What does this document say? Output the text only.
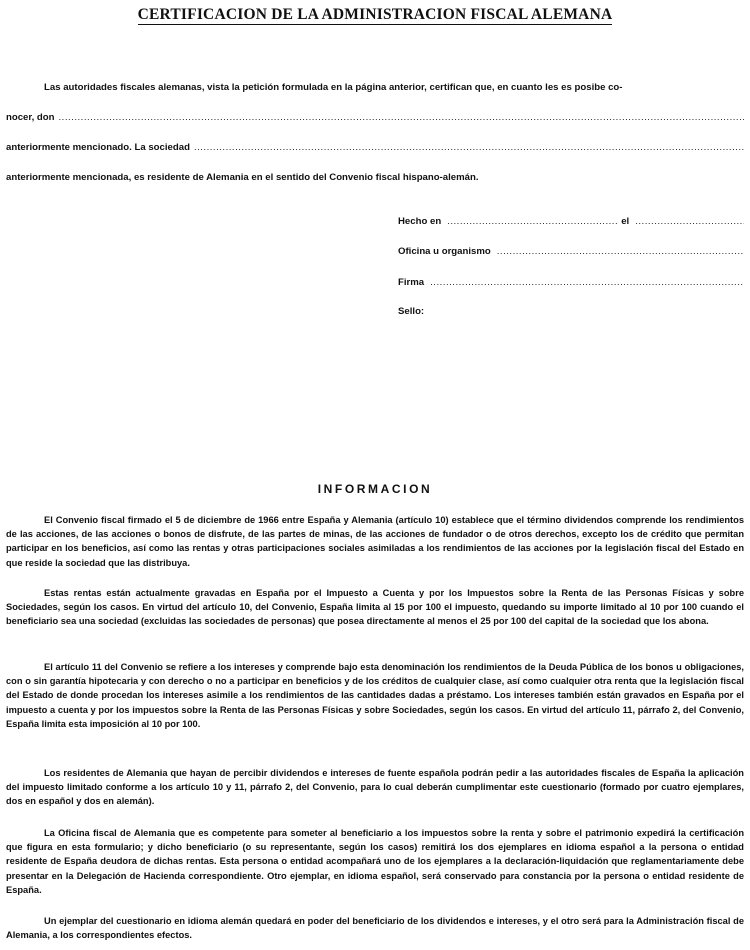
CERTIFICACION DE LA ADMINISTRACION FISCAL ALEMANA
Las autoridades fiscales alemanas, vista la petición formulada en la página anterior, certifican que, en cuanto les es posibe co-
nocer, don
.....
anteriormente mencionado. La sociedad
.....
anteriormente mencionada, es residente de Alemania en el sentido del Convenio fiscal hispano-alemán.
Hecho en
.....	el
.....
Oficina u organismo
.....
Firma
.....
Sello:
INFORMACION

El Convenio fiscal firmado el 5 de diciembre de 1966 entre España y Alemania (artículo 10) establece que el término dividendos comprende los rendimientos de las acciones, de las acciones o bonos de disfrute, de las partes de minas, de las acciones de fundador o de otros derechos, excepto los de crédito que permitan participar en los beneficios, así como las rentas y otras participaciones sociales asimiladas a los rendimientos de las acciones por la legislación fiscal del Estado en que reside la sociedad que las distribuya.

Estas rentas están actualmente gravadas en España por el Impuesto a Cuenta y por los Impuestos sobre la Renta de las Personas Físicas y sobre Sociedades, según los casos. En virtud del artículo 10, del Convenio, España limita al 15 por 100 el impuesto, quedando su importe limitado al 10 por 100 cuando el beneficiario sea una sociedad (excluidas las sociedades de personas) que posea directamente al menos el 25 por 100 del capital de la sociedad que los abona.

El artículo 11 del Convenio se refiere a los intereses y comprende bajo esta denominación los rendimientos de la Deuda Pública de los bonos u obligaciones, con o sin garantía hipotecaria y con derecho o no a participar en beneficios y de los créditos de cualquier clase, así como cualquier otra renta que la legislación fiscal del Estado de donde procedan los intereses asimile a los rendimientos de las cantidades dadas a préstamo. Los intereses también están gravados en España por el impuesto a cuenta y por los impuestos sobre la Renta de las Personas Físicas y sobre Sociedades, según los casos. En virtud del artículo 11, párrafo 2, del Convenio, España limita esta imposición al 10 por 100.

Los residentes de Alemania que hayan de percibir dividendos e intereses de fuente española podrán pedir a las autoridades fiscales de España la aplicación del impuesto limitado conforme a los artículo 10 y 11, párrafo 2, del Convenio, para lo cual deberán cumplimentar este cuestionario (formado por cuatro ejemplares, dos en español y dos en alemán).

La Oficina fiscal de Alemania que es competente para someter al beneficiario a los impuestos sobre la renta y sobre el patrimonio expedirá la certificación que figura en esta formulario; y dicho beneficiario (o su representante, según los casos) remitirá los dos ejemplares en idioma español a la persona o entidad residente de España deudora de dichas rentas. Esta persona o entidad acompañará uno de los ejemplares a la declaración-liquidación que reglamentariamente debe presentar en la Delegación de Hacienda correspondiente. Otro ejemplar, en idioma español, será conservado para constancia por la persona o entidad residente de España.

Un ejemplar del cuestionario en idioma alemán quedará en poder del beneficiario de los dividendos e intereses, y el otro será para la Administración fiscal de Alemania, a los correspondientes efectos.
